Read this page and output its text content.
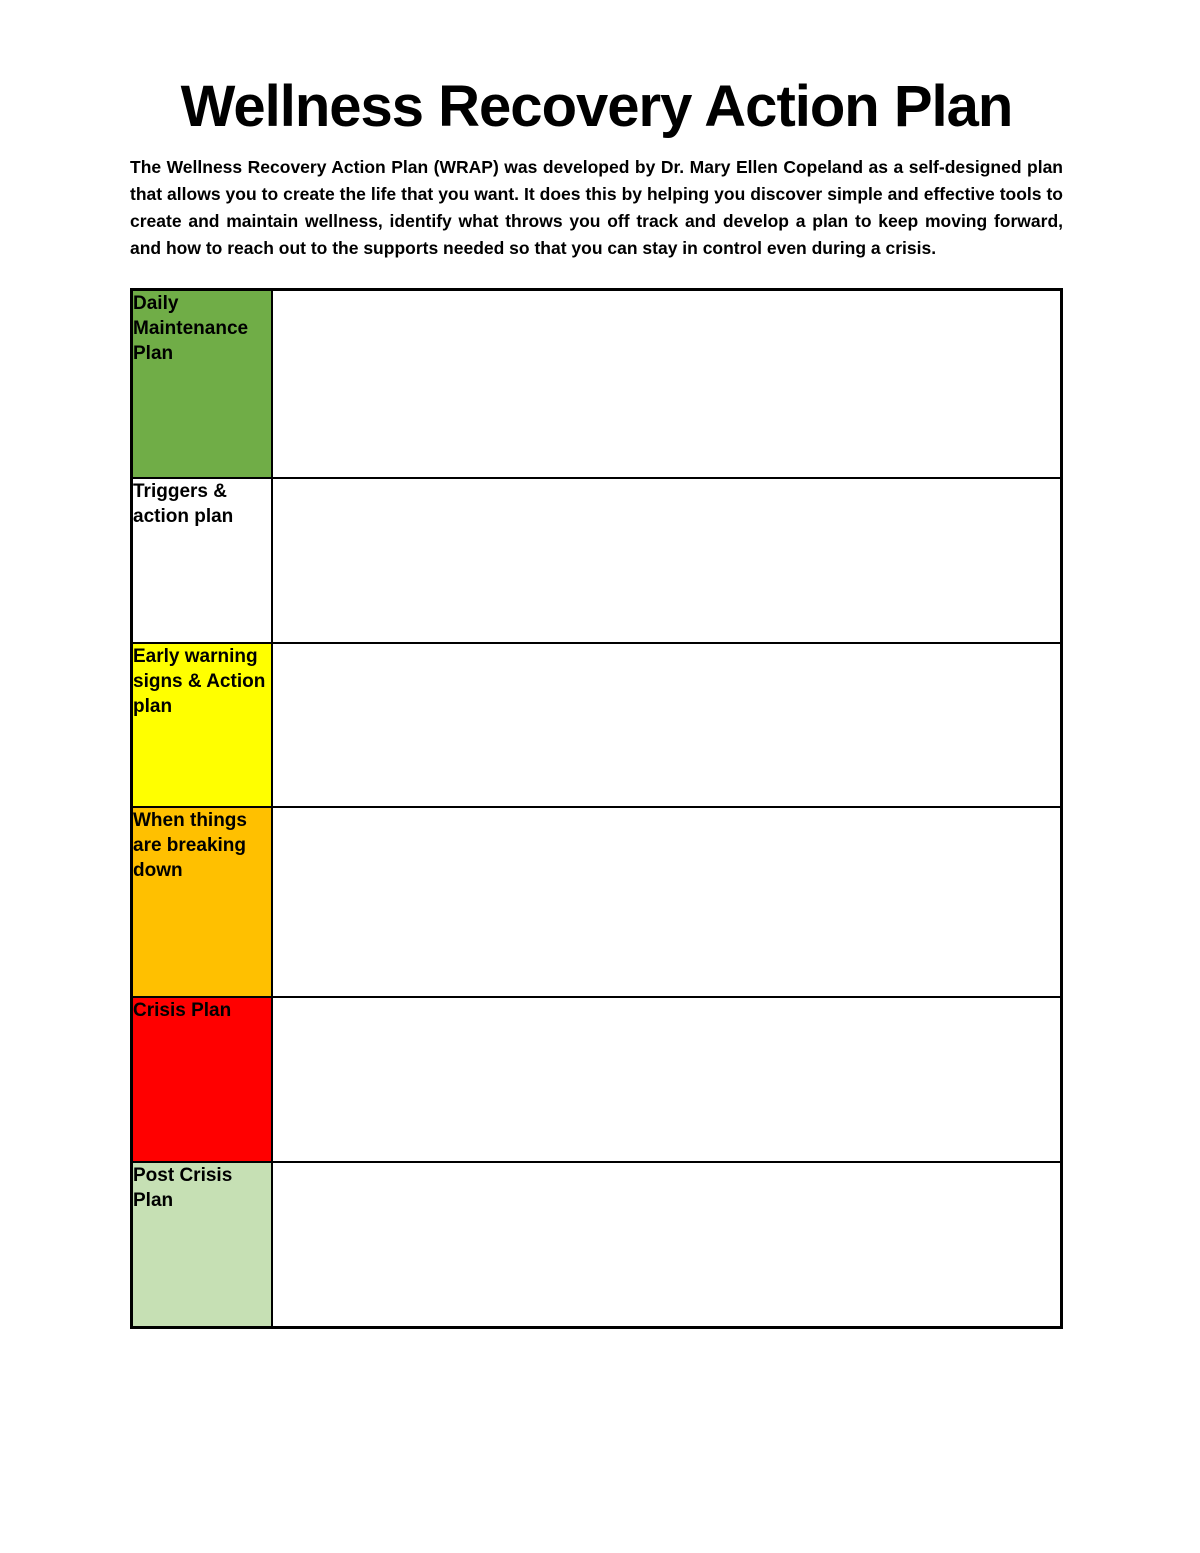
Wellness Recovery Action Plan

The Wellness Recovery Action Plan (WRAP) was developed by Dr. Mary Ellen Copeland as a self-designed plan that allows you to create the life that you want. It does this by helping you discover simple and effective tools to create and maintain wellness, identify what throws you off track and develop a plan to keep moving forward, and how to reach out to the supports needed so that you can stay in control even during a crisis.

Daily Maintenance Plan	
Triggers & action plan	
Early warning signs & Action plan	
When things are breaking down	
Crisis Plan	
Post Crisis Plan	
